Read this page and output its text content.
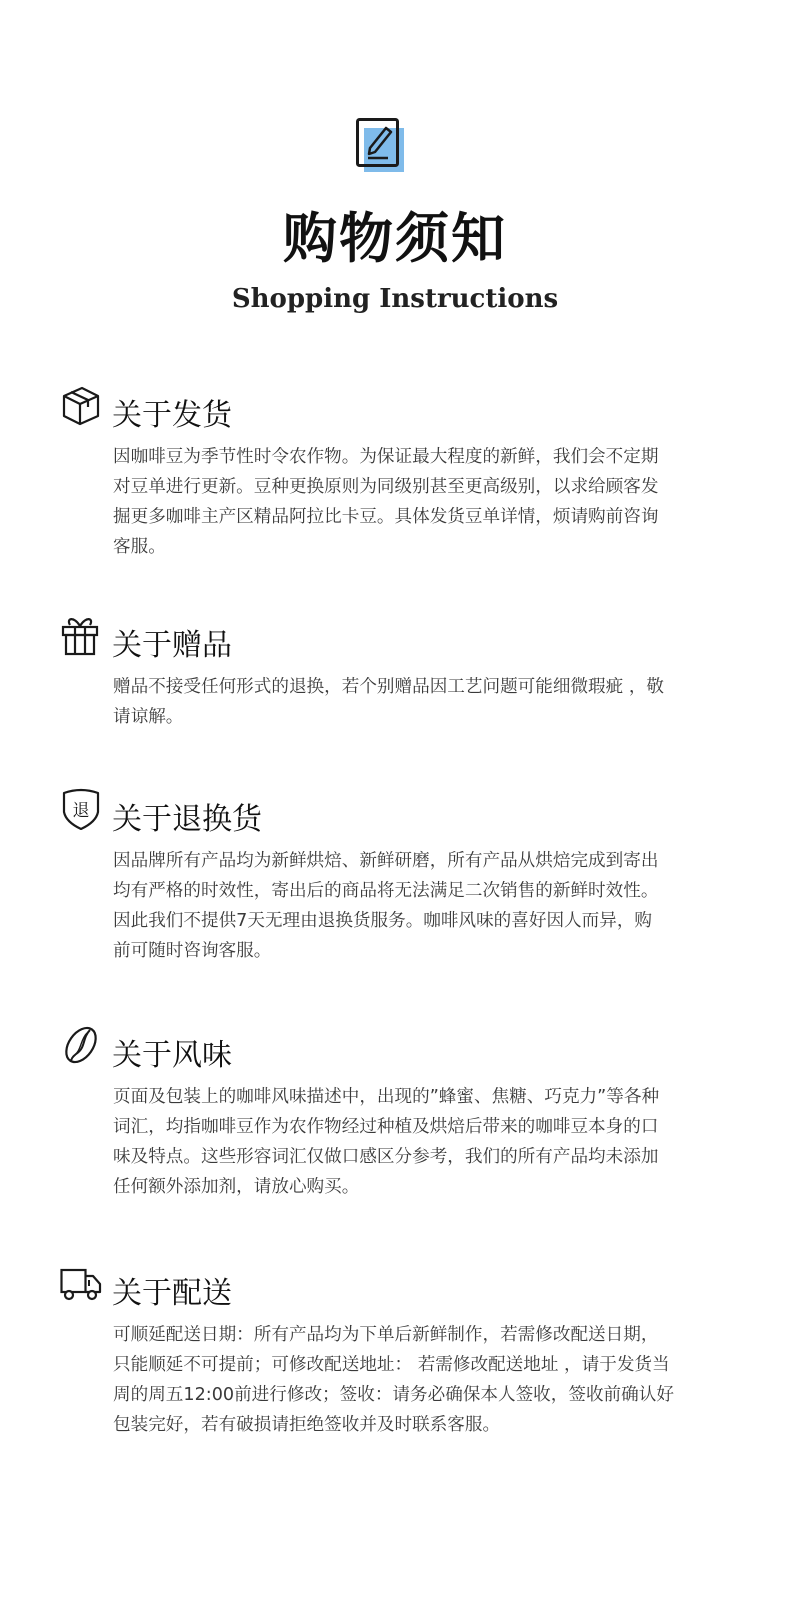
购物须知
Shopping Instructions
关于发货
因咖啡豆为季节性时令农作物。为保证最大程度的新鲜，我们会不定期
对豆单进行更新。豆种更换原则为同级别甚至更高级别，以求给顾客发
掘更多咖啡主产区精品阿拉比卡豆。具体发货豆单详情，烦请购前咨询
客服。
关于赠品
赠品不接受任何形式的退换，若个别赠品因工艺问题可能细微瑕疵 ，敬
请谅解。
退 关于退换货
因品牌所有产品均为新鲜烘焙、新鲜研磨，所有产品从烘焙完成到寄出
均有严格的时效性，寄出后的商品将无法满足二次销售的新鲜时效性。
因此我们不提供7天无理由退换货服务。咖啡风味的喜好因人而异，购
前可随时咨询客服。
关于风味
页面及包装上的咖啡风味描述中，出现的”蜂蜜、焦糖、巧克力”等各种
词汇，均指咖啡豆作为农作物经过种植及烘焙后带来的咖啡豆本身的口
味及特点。这些形容词汇仅做口感区分参考，我们的所有产品均未添加
任何额外添加剂，请放心购买。
关于配送
可顺延配送日期：所有产品均为下单后新鲜制作，若需修改配送日期，
只能顺延不可提前；可修改配送地址： 若需修改配送地址 ，请于发货当
周的周五12:00前进行修改；签收：请务必确保本人签收，签收前确认好
包装完好，若有破损请拒绝签收并及时联系客服。
